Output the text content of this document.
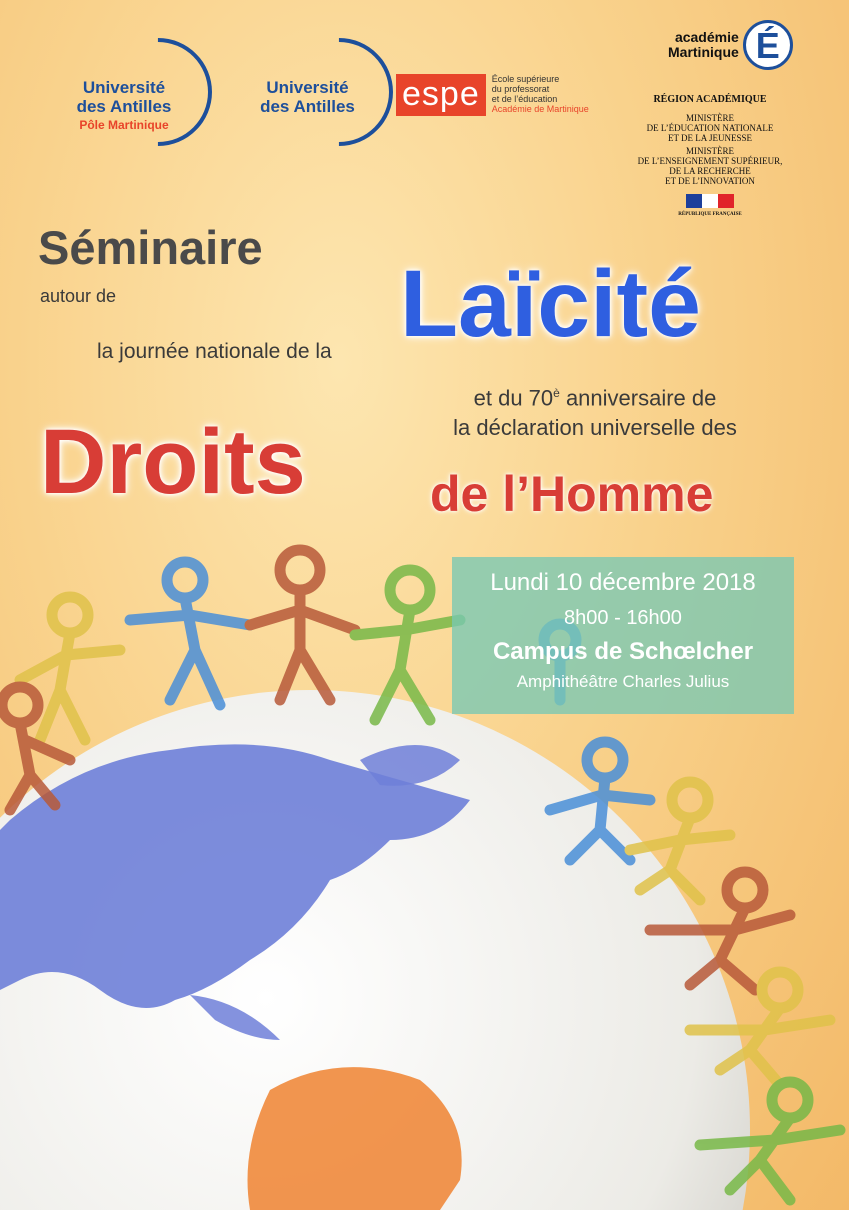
Université
des Antilles
Pôle Martinique
Université
des Antilles espe	École supérieure
du professorat
et de l’éducation
Académie de Martinique
académie
Martinique É
RÉGION ACADÉMIQUE
MINISTÈRE
DE L’ÉDUCATION NATIONALE
ET DE LA JEUNESSE
MINISTÈRE
DE L’ENSEIGNEMENT SUPÉRIEUR,
DE LA RECHERCHE
ET DE L’INNOVATION
RÉPUBLIQUE FRANÇAISE
Séminaire
autour de
la journée nationale de la Laïcité
et du $70^è$ anniversaire de
la déclaration universelle des
Droits de l’Homme
Lundi 10 décembre 2018
8h00 - 16h00
Campus de Schœlcher
Amphithéâtre Charles Julius
